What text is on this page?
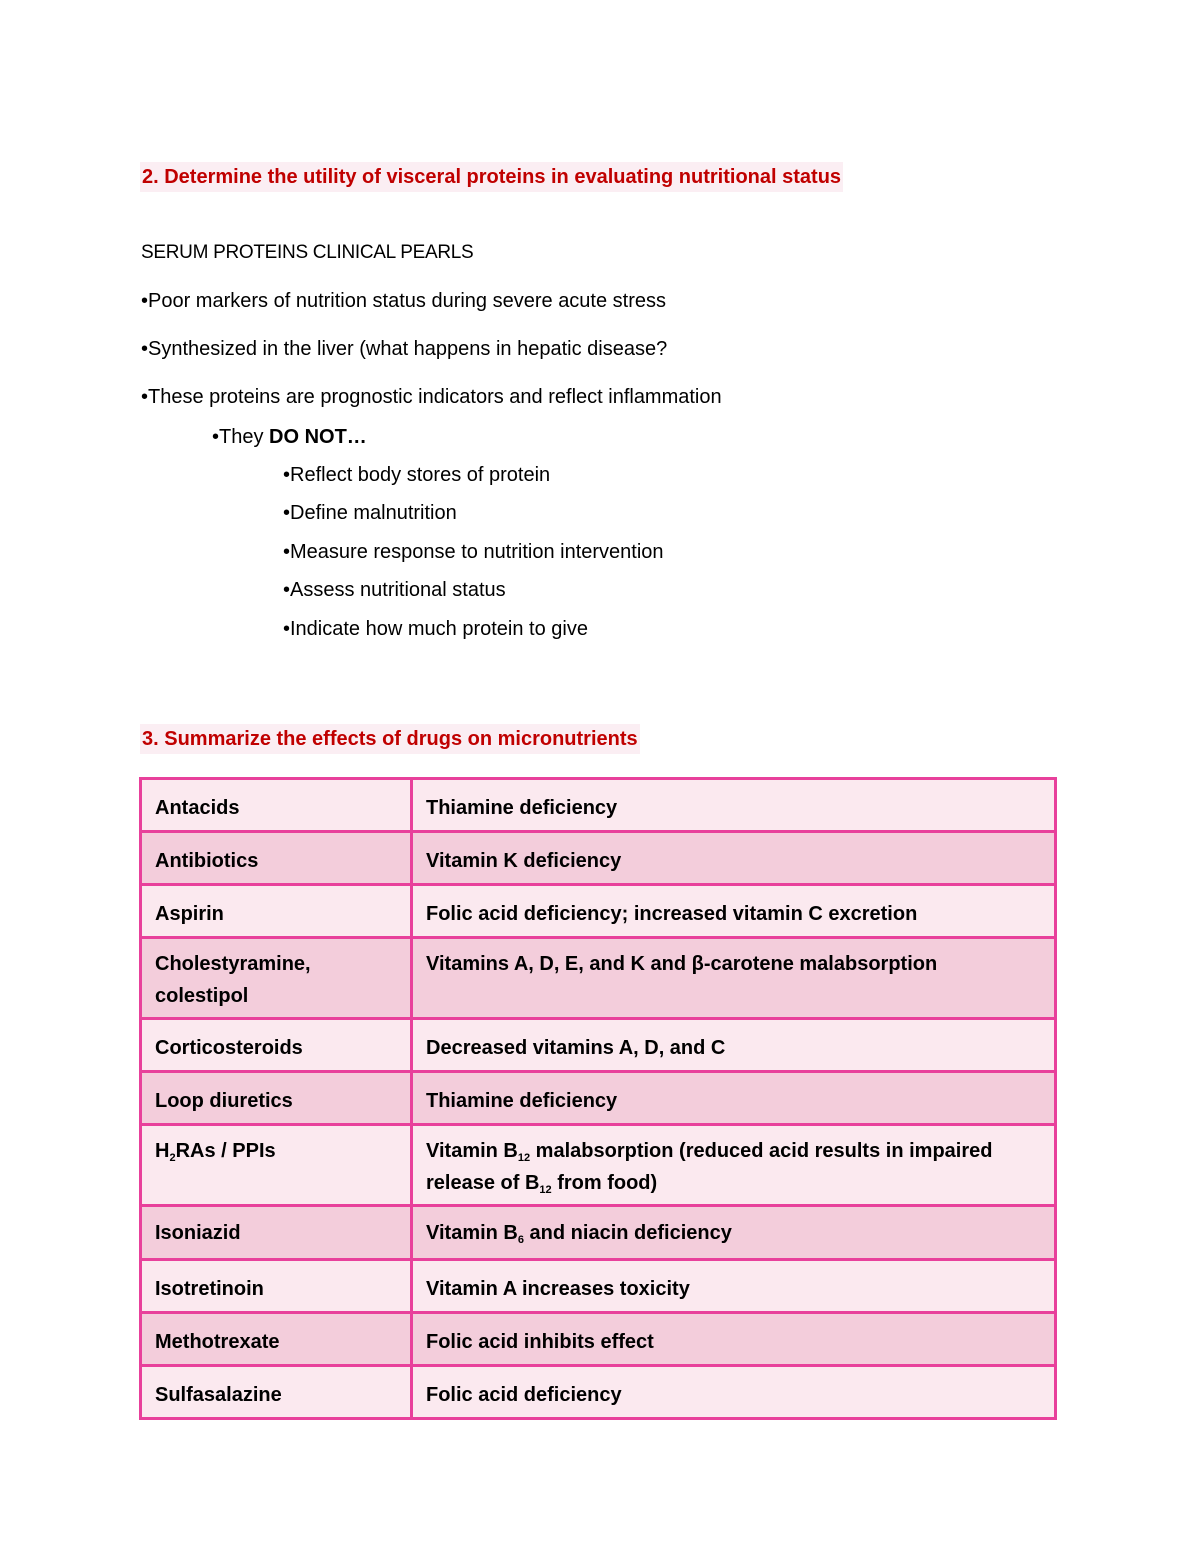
2. Determine the utility of visceral proteins in evaluating nutritional status
SERUM PROTEINS CLINICAL PEARLS
•Poor markers of nutrition status during severe acute stress
•Synthesized in the liver (what happens in hepatic disease?
•These proteins are prognostic indicators and reflect inflammation
•They DO NOT…
•Reflect body stores of protein
•Define malnutrition
•Measure response to nutrition intervention
•Assess nutritional status
•Indicate how much protein to give
3. Summarize the effects of drugs on micronutrients
Antacids	Thiamine deficiency
Antibiotics	Vitamin K deficiency
Aspirin	Folic acid deficiency; increased vitamin C excretion
Cholestyramine, colestipol	Vitamins A, D, E, and K and β-carotene malabsorption
Corticosteroids	Decreased vitamins A, D, and C
Loop diuretics	Thiamine deficiency
$H_2RAs$ / PPIs	Vitamin $B_{12}$ malabsorption (reduced acid results in impaired release of $B_{12}$ from food)
Isoniazid	Vitamin $B_6$ and niacin deficiency
Isotretinoin	Vitamin A increases toxicity
Methotrexate	Folic acid inhibits effect
Sulfasalazine	Folic acid deficiency
